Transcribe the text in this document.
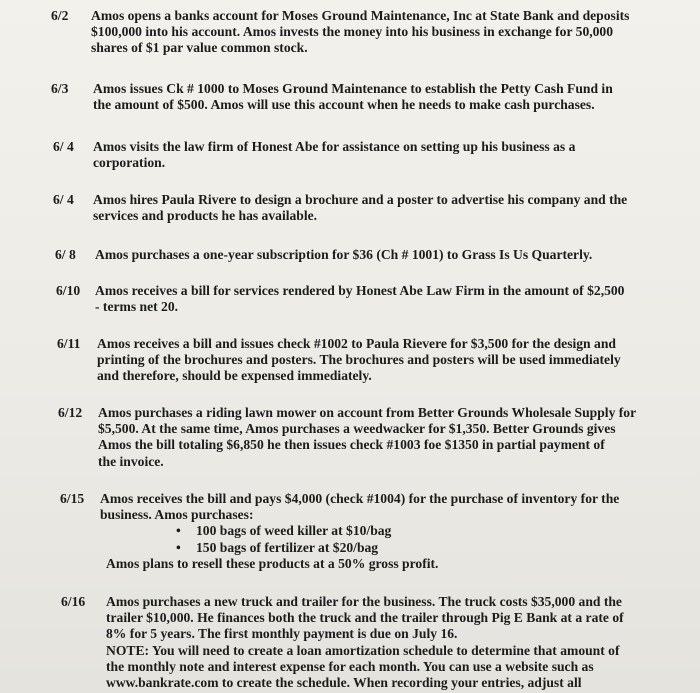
6/2 Amos opens a banks account for Moses Ground Maintenance, Inc at State Bank and deposits

$100,000 into his account. Amos invests the money into his business in exchange for 50,000

shares of $1 par value common stock.

6/3 Amos issues Ck # 1000 to Moses Ground Maintenance to establish the Petty Cash Fund in

the amount of $500. Amos will use this account when he needs to make cash purchases.

6/ 4 Amos visits the law firm of Honest Abe for assistance on setting up his business as a

corporation.

6/ 4 Amos hires Paula Rivere to design a brochure and a poster to advertise his company and the

services and products he has available.

6/ 8 Amos purchases a one-year subscription for $36 (Ch # 1001) to Grass Is Us Quarterly.

6/10 Amos receives a bill for services rendered by Honest Abe Law Firm in the amount of $2,500

- terms net 20.

6/11 Amos receives a bill and issues check #1002 to Paula Rievere for $3,500 for the design and

printing of the brochures and posters. The brochures and posters will be used immediately

and therefore, should be expensed immediately.

6/12 Amos purchases a riding lawn mower on account from Better Grounds Wholesale Supply for

$5,500. At the same time, Amos purchases a weedwacker for $1,350. Better Grounds gives

Amos the bill totaling $6,850 he then issues check #1003 foe $1350 in partial payment of

the invoice.

6/15 Amos receives the bill and pays $4,000 (check #1004) for the purchase of inventory for the

business. Amos purchases:

• 100 bags of weed killer at $10/bag
• 150 bags of fertilizer at $20/bag

Amos plans to resell these products at a 50% gross profit.

6/16 Amos purchases a new truck and trailer for the business. The truck costs $35,000 and the

trailer $10,000. He finances both the truck and the trailer through Pig E Bank at a rate of

8% for 5 years. The first monthly payment is due on July 16.

NOTE: You will need to create a loan amortization schedule to determine that amount of

the monthly note and interest expense for each month. You can use a website such as

www.bankrate.com to create the schedule. When recording your entries, adjust all
